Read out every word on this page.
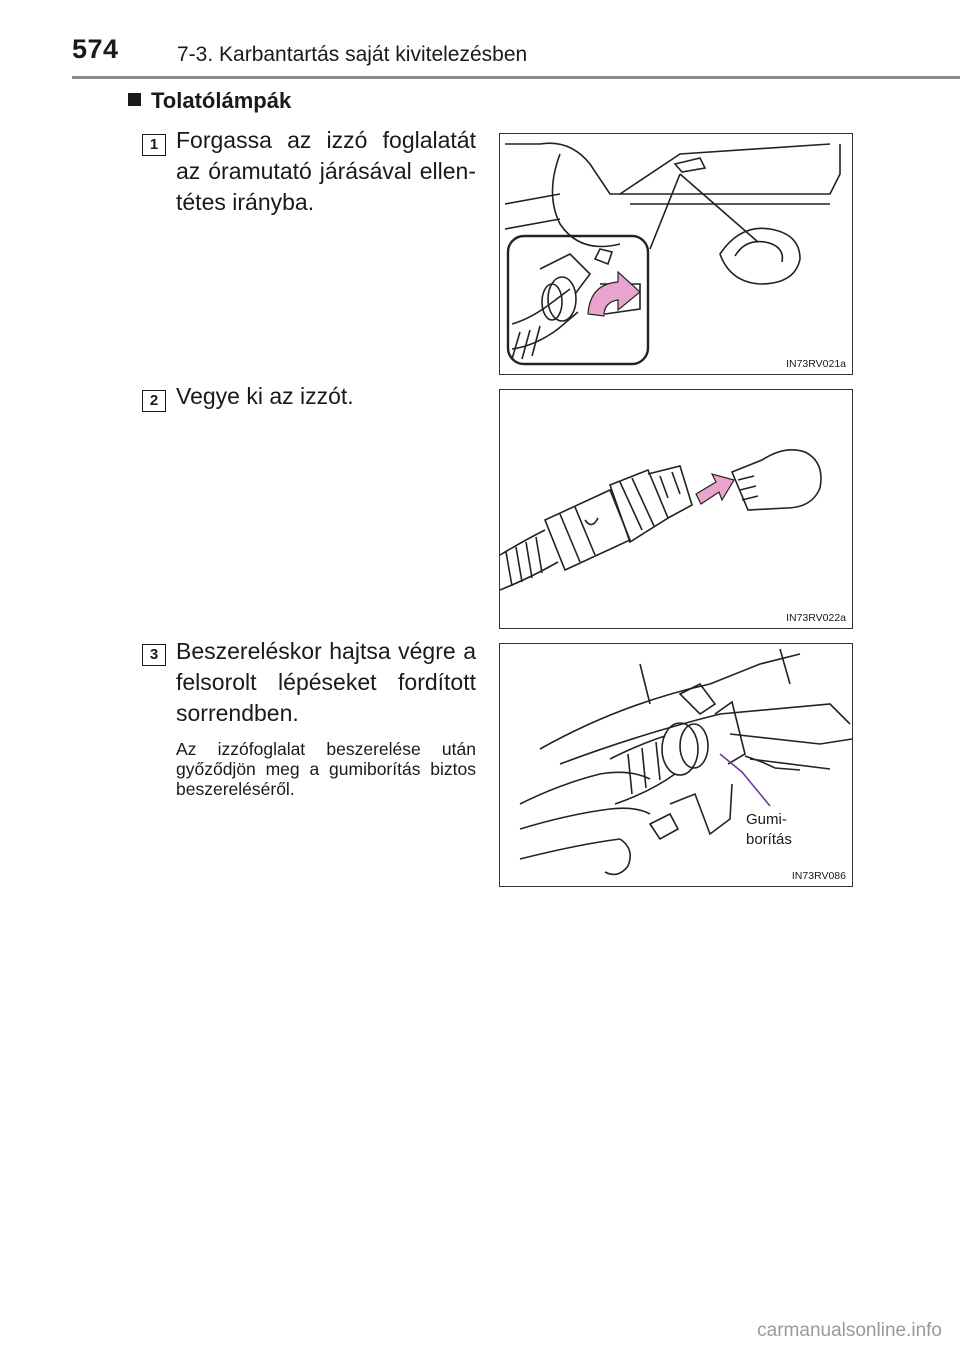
574	7-3. Karbantartás saját kivitelezésben
Tolatólámpák
1 Forgassa az izzó foglalatát az óramutató járásával ellen-tétes irányba.
IN73RV021a
2 Vegye ki az izzót.
IN73RV022a
3 Beszereléskor hajtsa végre a felsorolt lépéseket fordított sorrendben.
Az izzófoglalat beszerelése után győződjön meg a gumiborítás biztos beszereléséről.
Gumi-
borítás
IN73RV086
carmanualsonline.info
